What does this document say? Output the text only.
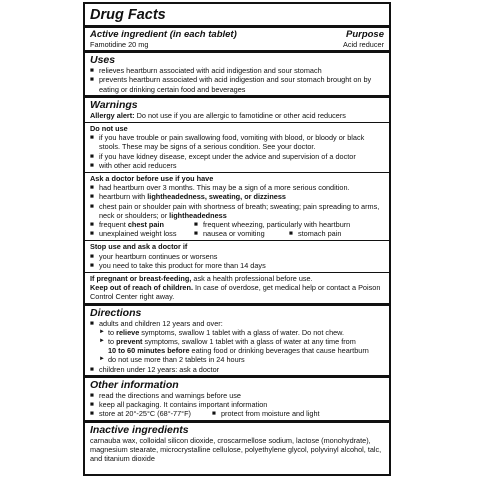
Drug Facts
Active ingredient (in each tablet)	Purpose
Famotidine 20 mg	Acid reducer
Uses
■ relieves heartburn associated with acid indigestion and sour stomach
■ prevents heartburn associated with acid indigestion and sour stomach brought on by eating or drinking certain food and beverages
Warnings
Allergy alert: Do not use if you are allergic to famotidine or other acid reducers
Do not use
■ if you have trouble or pain swallowing food, vomiting with blood, or bloody or black stools. These may be signs of a serious condition. See your doctor.
■ if you have kidney disease, except under the advice and supervision of a doctor
■ with other acid reducers
Ask a doctor before use if you have
■ had heartburn over 3 months. This may be a sign of a more serious condition.
■ heartburn with lightheadedness, sweating, or dizziness
■ chest pain or shoulder pain with shortness of breath; sweating; pain spreading to arms, neck or shoulders; or lightheadedness
■ frequent chest pain	■ frequent wheezing, particularly with heartburn
■ unexplained weight loss	■ nausea or vomiting	■ stomach pain
Stop use and ask a doctor if
■ your heartburn continues or worsens
■ you need to take this product for more than 14 days
If pregnant or breast-feeding, ask a health professional before use.
Keep out of reach of children. In case of overdose, get medical help or contact a Poison Control Center right away.
Directions
■ adults and children 12 years and over:
► to relieve symptoms, swallow 1 tablet with a glass of water. Do not chew.
► to prevent symptoms, swallow 1 tablet with a glass of water at any time from
10 to 60 minutes before eating food or drinking beverages that cause heartburn
► do not use more than 2 tablets in 24 hours
■ children under 12 years: ask a doctor
Other information
■ read the directions and warnings before use
■ keep all packaging. It contains important information
■ store at 20°-25°C (68°-77°F)	■ protect from moisture and light
Inactive ingredients
carnauba wax, colloidal silicon dioxide, croscarmellose sodium, lactose (monohydrate), magnesium stearate, microcrystalline cellulose, polyethylene glycol, polyvinyl alcohol, talc, and titanium dioxide
